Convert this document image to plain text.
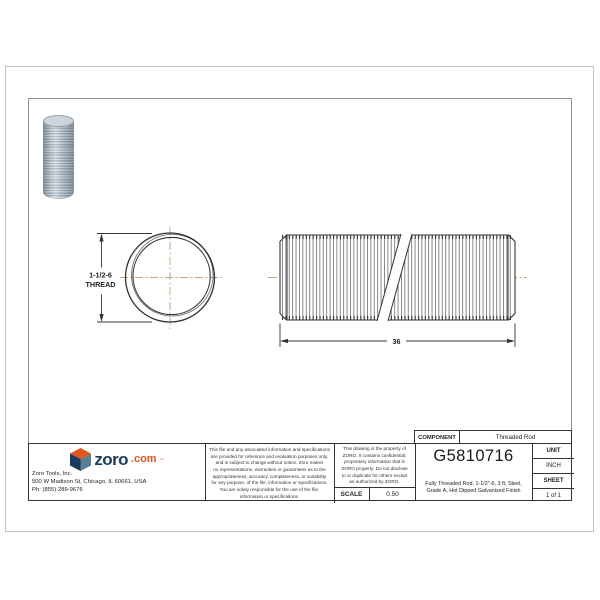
1-1/2-6
THREAD
36
COMPONENT	Threaded Rod
zoro .com ™
Zoro Tools, Inc.
500 W Madison St, Chicago, IL 60661, USA
Ph: (855) 289-9676
This file and any associated information and specifications
are provided for reference and evaluation purposes only,
and is subject to change without notice. Zoro makes
no representations, warranties or guarantees as to the
appropriateness, accuracy, completeness, or suitability
for any purpose, of the file, information or specifications.
You are solely responsible for the use of the file,
information or specifications.
This drawing is the property of
ZORO. It contains confidential,
proprietary information that is
ZORO property. Do not disclose
to or duplicate for others except
as authorized by ZORO.
SCALE	0.50
G5810716
Fully Threaded Rod, 1-1/2"-6, 3 ft, Steel,
Grade A, Hot Dipped Galvanized Finish
UNIT
INCH
SHEET
1 of 1
